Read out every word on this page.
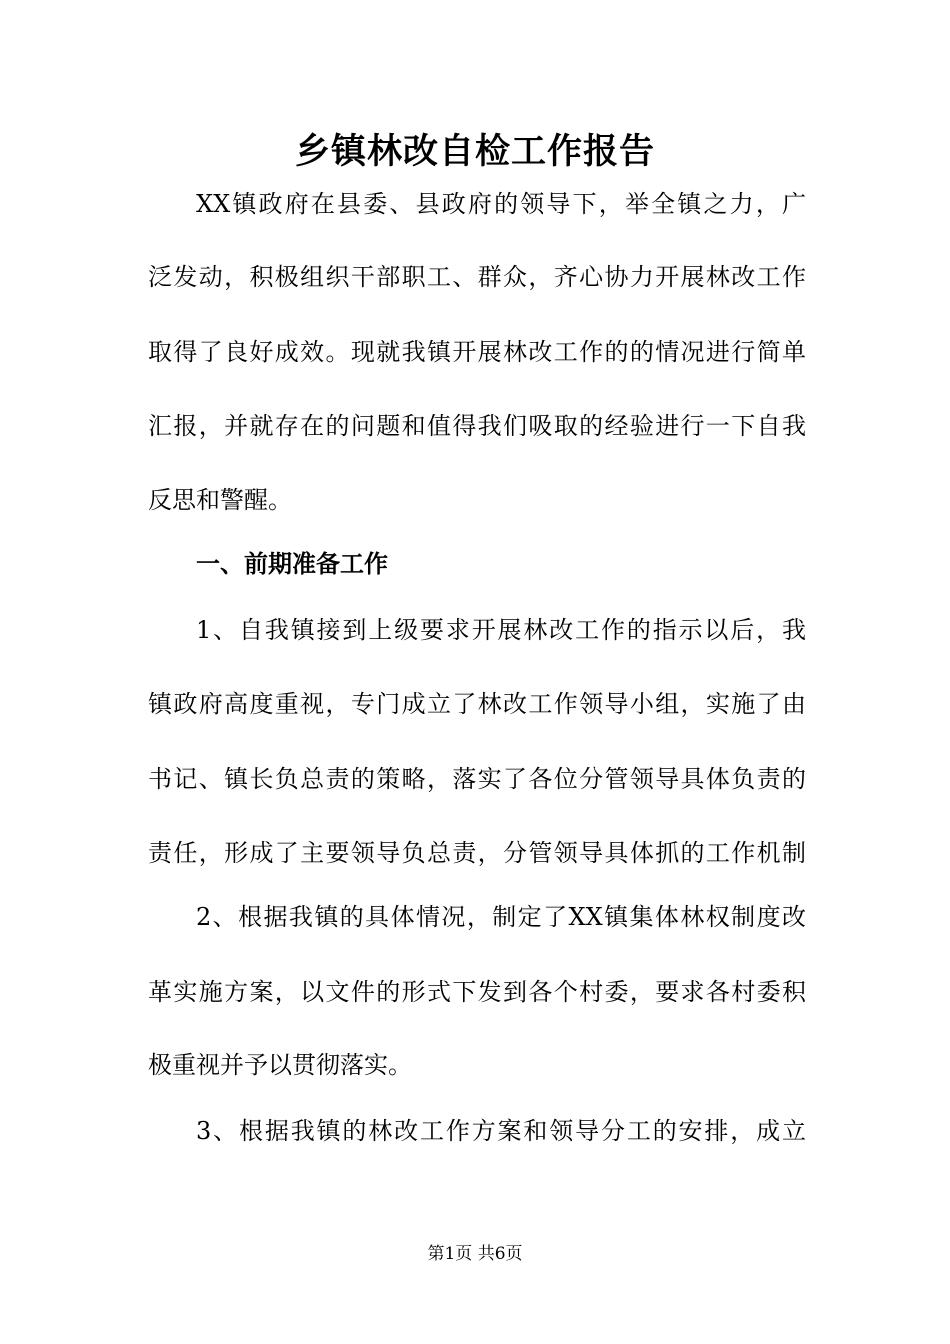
乡镇林改自检工作报告
XX镇政府在县委、县政府的领导下，举全镇之力，广
泛发动，积极组织干部职工、群众，齐心协力开展林改工作
取得了良好成效。现就我镇开展林改工作的的情况进行简单
汇报，并就存在的问题和值得我们吸取的经验进行一下自我
反思和警醒。
一、前期准备工作
1、自我镇接到上级要求开展林改工作的指示以后，我
镇政府高度重视，专门成立了林改工作领导小组，实施了由
书记、镇长负总责的策略，落实了各位分管领导具体负责的
责任，形成了主要领导负总责，分管领导具体抓的工作机制
2、根据我镇的具体情况，制定了XX镇集体林权制度改
革实施方案，以文件的形式下发到各个村委，要求各村委积
极重视并予以贯彻落实。
3、根据我镇的林改工作方案和领导分工的安排，成立
第1页 共6页
